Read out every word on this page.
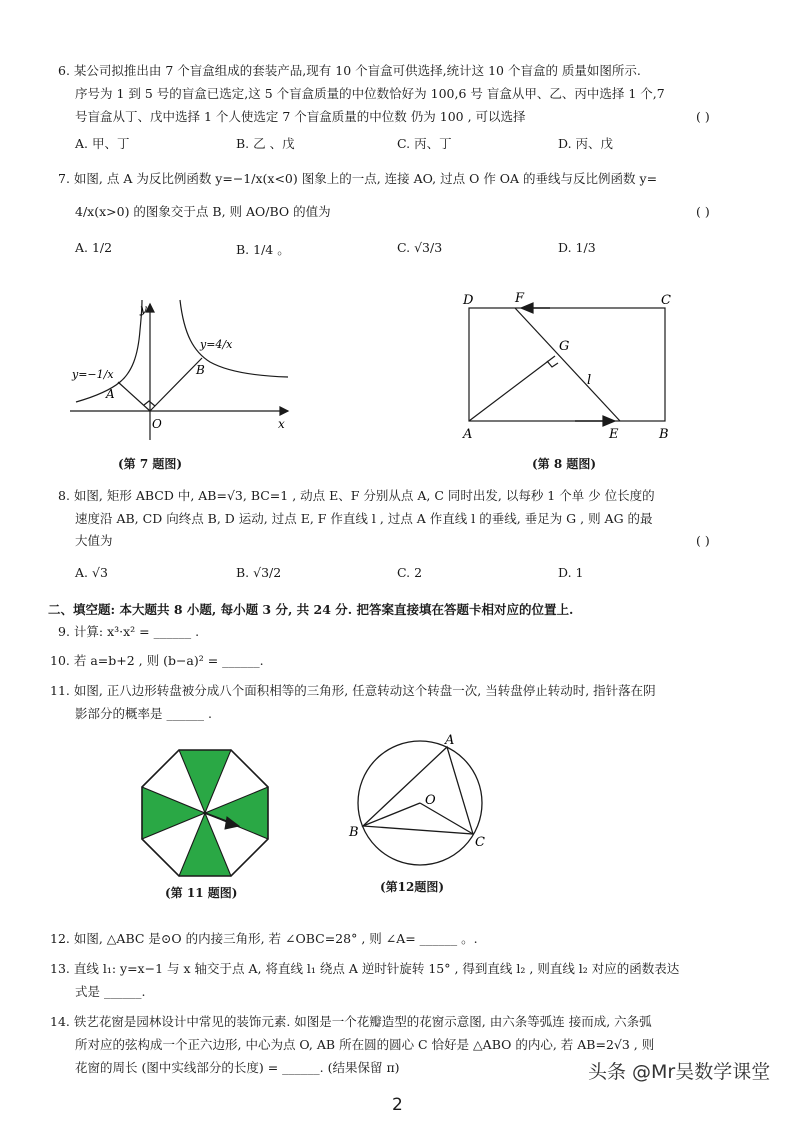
6. 某公司拟推出由 7 个盲盒组成的套装产品,现有 10 个盲盒可供选择,统计这 10 个盲盒的 质量如图所示.
序号为 1 到 5 号的盲盒已选定,这 5 个盲盒质量的中位数恰好为 100,6 号 盲盒从甲、乙、丙中选择 1 个,7
号盲盒从丁、戊中选择 1 个人使选定 7 个盲盒质量的中位数 仍为 100 , 可以选择	( )
A. 甲、丁	B. 乙 、戊	C. 丙、丁	D. 丙、戊
7. 如图, 点 A 为反比例函数 y=−1/x(x<0) 图象上的一点, 连接 AO, 过点 O 作 OA 的垂线与反比例函数 y=
4/x(x>0) 的图象交于点 B, 则 AO/BO 的值为	( )
A. 1/2	B. 1/4 。	C. √3/3	D. 1/3
y
x
O
A
B
y=−1/x
y=4/x
(第 7 题图)
D	F	C
G
l
A	E	B
(第 8 题图)
8. 如图, 矩形 ABCD 中, AB=√3, BC=1 , 动点 E、F 分别从点 A, C 同时出发, 以每秒 1 个单 少 位长度的
速度沿 AB, CD 向终点 B, D 运动, 过点 E, F 作直线 l , 过点 A 作直线 l 的垂线, 垂足为 G , 则 AG 的最
大值为	( )
A. √3	B. √3/2	C. 2	D. 1
二、填空题: 本大题共 8 小题, 每小题 3 分, 共 24 分. 把答案直接填在答题卡相对应的位置上.
9. 计算: x³·x² = ______ .
10. 若 a=b+2 , 则 (b−a)² = ______.
11. 如图, 正八边形转盘被分成八个面积相等的三角形, 任意转动这个转盘一次, 当转盘停止转动时, 指针落在阴
影部分的概率是 ______ .
(第 11 题图)
A
O
B
C
(第12题图)
12. 如图, △ABC 是⊙O 的内接三角形, 若 ∠OBC=28° , 则 ∠A= ______ 。.
13. 直线 l₁: y=x−1 与 x 轴交于点 A, 将直线 l₁ 绕点 A 逆时针旋转 15° , 得到直线 l₂ , 则直线 l₂ 对应的函数表达
式是 ______.
14. 铁艺花窗是园林设计中常见的装饰元素. 如图是一个花瓣造型的花窗示意图, 由六条等弧连 接而成, 六条弧
所对应的弦构成一个正六边形, 中心为点 O, AB 所在圆的圆心 C 恰好是 △ABO 的内心, 若 AB=2√3 , 则
花窗的周长 (图中实线部分的长度) = ______. (结果保留 π)	头条 @Mr吴数学课堂
2
